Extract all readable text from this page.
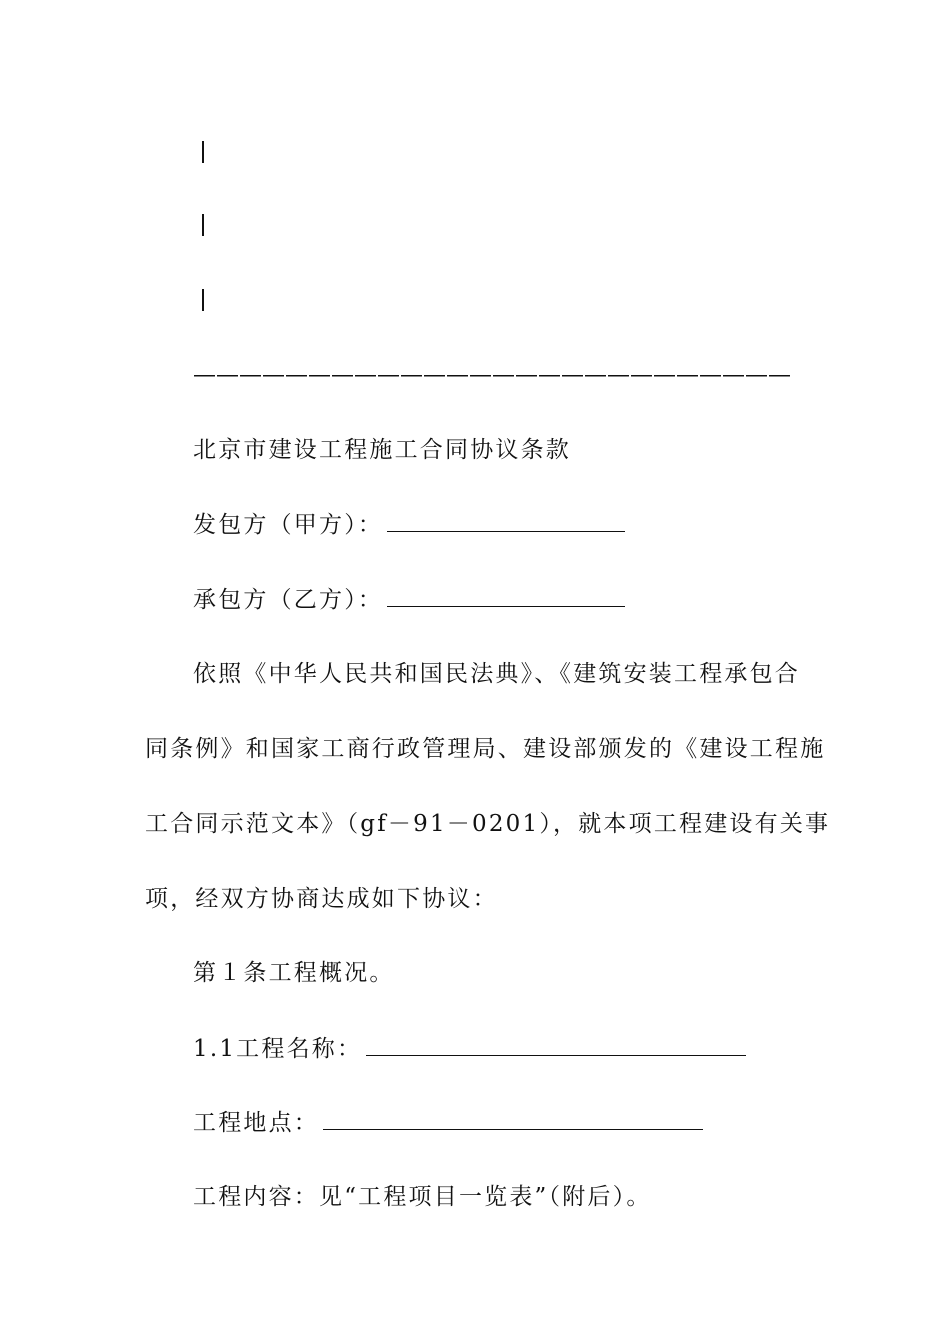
——————————————————————————
北京市建设工程施工合同协议条款
发包方（甲方）：
承包方（乙方）：
依照《中华人民共和国民法典》、《建筑安装工程承包合
同条例》和国家工商行政管理局、建设部颁发的《建设工程施
工合同示范文本》（gf－91－0201），就本项工程建设有关事
项，经双方协商达成如下协议：
第１条工程概况。
1.1工程名称：
工程地点：
工程内容：见“工程项目一览表”（附后）。
